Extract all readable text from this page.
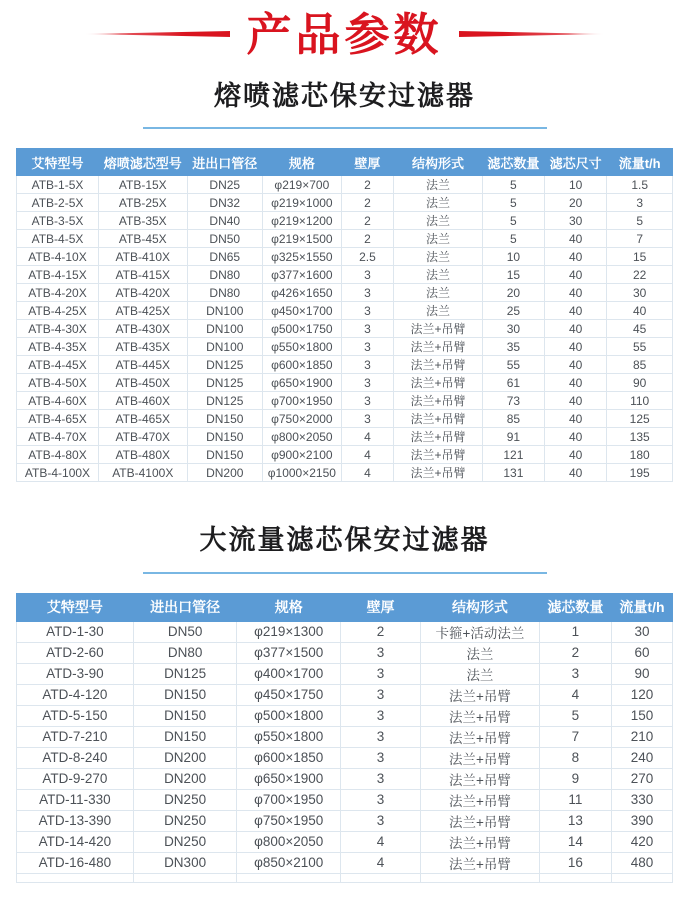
产品参数
熔喷滤芯保安过滤器
艾特型号	熔喷滤芯型号	进出口管径	规格	壁厚	结构形式	滤芯数量	滤芯尺寸	流量t/h
ATB-1-5X	ATB-15X	DN25	φ219×700	2	法兰	5	10	1.5
ATB-2-5X	ATB-25X	DN32	φ219×1000	2	法兰	5	20	3
ATB-3-5X	ATB-35X	DN40	φ219×1200	2	法兰	5	30	5
ATB-4-5X	ATB-45X	DN50	φ219×1500	2	法兰	5	40	7
ATB-4-10X	ATB-410X	DN65	φ325×1550	2.5	法兰	10	40	15
ATB-4-15X	ATB-415X	DN80	φ377×1600	3	法兰	15	40	22
ATB-4-20X	ATB-420X	DN80	φ426×1650	3	法兰	20	40	30
ATB-4-25X	ATB-425X	DN100	φ450×1700	3	法兰	25	40	40
ATB-4-30X	ATB-430X	DN100	φ500×1750	3	法兰+吊臂	30	40	45
ATB-4-35X	ATB-435X	DN100	φ550×1800	3	法兰+吊臂	35	40	55
ATB-4-45X	ATB-445X	DN125	φ600×1850	3	法兰+吊臂	55	40	85
ATB-4-50X	ATB-450X	DN125	φ650×1900	3	法兰+吊臂	61	40	90
ATB-4-60X	ATB-460X	DN125	φ700×1950	3	法兰+吊臂	73	40	110
ATB-4-65X	ATB-465X	DN150	φ750×2000	3	法兰+吊臂	85	40	125
ATB-4-70X	ATB-470X	DN150	φ800×2050	4	法兰+吊臂	91	40	135
ATB-4-80X	ATB-480X	DN150	φ900×2100	4	法兰+吊臂	121	40	180
ATB-4-100X	ATB-4100X	DN200	φ1000×2150	4	法兰+吊臂	131	40	195
大流量滤芯保安过滤器
艾特型号	进出口管径	规格	壁厚	结构形式	滤芯数量	流量t/h
ATD-1-30	DN50	φ219×1300	2	卡箍+活动法兰	1	30
ATD-2-60	DN80	φ377×1500	3	法兰	2	60
ATD-3-90	DN125	φ400×1700	3	法兰	3	90
ATD-4-120	DN150	φ450×1750	3	法兰+吊臂	4	120
ATD-5-150	DN150	φ500×1800	3	法兰+吊臂	5	150
ATD-7-210	DN150	φ550×1800	3	法兰+吊臂	7	210
ATD-8-240	DN200	φ600×1850	3	法兰+吊臂	8	240
ATD-9-270	DN200	φ650×1900	3	法兰+吊臂	9	270
ATD-11-330	DN250	φ700×1950	3	法兰+吊臂	11	330
ATD-13-390	DN250	φ750×1950	3	法兰+吊臂	13	390
ATD-14-420	DN250	φ800×2050	4	法兰+吊臂	14	420
ATD-16-480	DN300	φ850×2100	4	法兰+吊臂	16	480
